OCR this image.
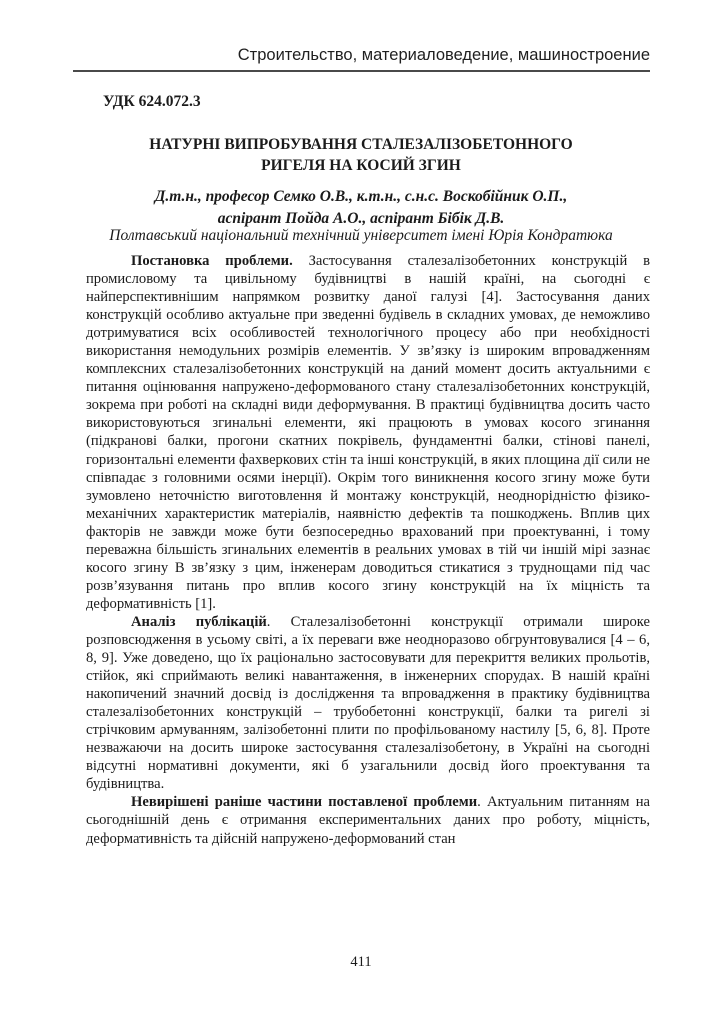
Строительство, материаловедение, машиностроение
УДК 624.072.3
НАТУРНІ ВИПРОБУВАННЯ СТАЛЕЗАЛІЗОБЕТОННОГО
РИГЕЛЯ НА КОСИЙ ЗГИН
Д.т.н., професор Семко О.В., к.т.н., с.н.с. Воскобійник О.П.,
аспірант Пойда А.О., аспірант Бібік Д.В.
Полтавський національний технічний університет імені Юрія Кондратюка

Постановка проблеми. Застосування сталезалізобетонних конструкцій в промисловому та цивільному будівництві в нашій країні, на сьогодні є найперспективнішим напрямком розвитку даної галузі [4]. Застосування даних конструкцій особливо актуальне при зведенні будівель в складних умовах, де неможливо дотримуватися всіх особливостей технологічного процесу або при необхідності використання немодульних розмірів елементів. У зв’язку із широким впровадженням комплексних сталезалізобетонних конструкцій на даний момент досить актуальними є питання оцінювання напружено-деформованого стану сталезалізобетонних конструкцій, зокрема при роботі на складні види деформування. В практиці будівництва досить часто використовуються згинальні елементи, які працюють в умовах косого згинання (підкранові балки, прогони скатних покрівель, фундаментні балки, стінові панелі, горизонтальні елементи фахверкових стін та інші конструкцій, в яких площина дії сили не співпадає з головними осями інерції). Окрім того виникнення косого згину може бути зумовлено неточністю виготовлення й монтажу конструкцій, неоднорідністю фізико-механічних характеристик матеріалів, наявністю дефектів та пошкоджень. Вплив цих факторів не завжди може бути безпосередньо врахований при проектуванні, і тому переважна більшість згинальних елементів в реальних умовах в тій чи іншій мірі зазнає косого згину В зв’язку з цим, інженерам доводиться стикатися з труднощами під час розв’язування питань про вплив косого згину конструкцій на їх міцність та деформативність [1].

Аналіз публікацій. Сталезалізобетонні конструкції отримали широке розповсюдження в усьому світі, а їх переваги вже неодноразово обгрунтовувалися [4 – 6, 8, 9]. Уже доведено, що їх раціонально застосовувати для перекриття великих прольотів, стійок, які сприймають великі навантаження, в інженерних спорудах. В нашій країні накопичений значний досвід із дослідження та впровадження в практику будівництва сталезалізобетонних конструкцій – трубобетонні конструкції, балки та ригелі зі стрічковим армуванням, залізобетонні плити по профільованому настилу [5, 6, 8]. Проте незважаючи на досить широке застосування сталезалізобетону, в Україні на сьогодні відсутні нормативні документи, які б узагальнили досвід його проектування та будівництва.

Невирішені раніше частини поставленої проблеми. Актуальним питанням на сьогоднішній день є отримання експериментальних даних про роботу, міцність, деформативність та дійсній напружено-деформований стан

411
